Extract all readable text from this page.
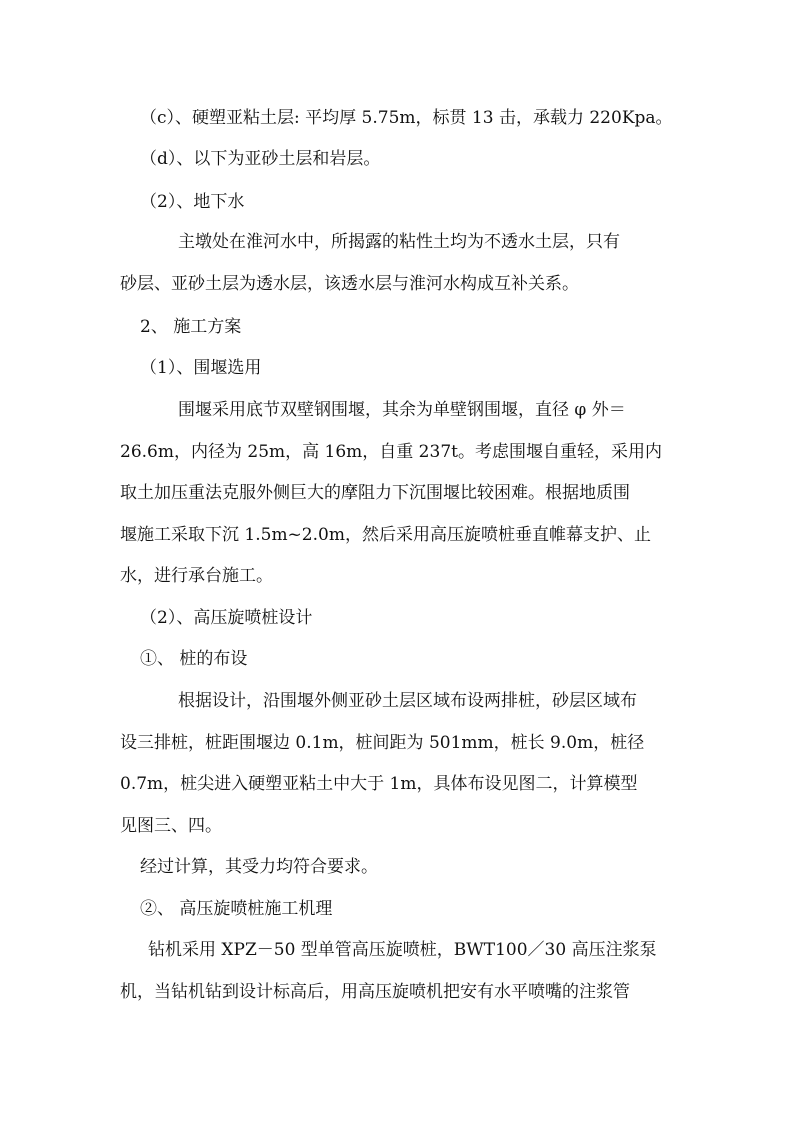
（c）、硬塑亚粘土层: 平均厚 5.75m，标贯 13 击，承载力 220Kpa。
（d）、以下为亚砂土层和岩层。
（2）、地下水
主墩处在淮河水中，所揭露的粘性土均为不透水土层，只有
砂层、亚砂土层为透水层，该透水层与淮河水构成互补关系。
2、 施工方案
（1）、围堰选用
围堰采用底节双壁钢围堰，其余为单壁钢围堰，直径 φ 外＝
26.6m，内径为 25m，高 16m，自重 237t。考虑围堰自重轻，采用内
取土加压重法克服外侧巨大的摩阻力下沉围堰比较困难。根据地质围
堰施工采取下沉 1.5m~2.0m，然后采用高压旋喷桩垂直帷幕支护、止
水，进行承台施工。
（2）、高压旋喷桩设计
①、 桩的布设
根据设计，沿围堰外侧亚砂土层区域布设两排桩，砂层区域布
设三排桩，桩距围堰边 0.1m，桩间距为 501mm，桩长 9.0m，桩径
0.7m，桩尖进入硬塑亚粘土中大于 1m，具体布设见图二，计算模型
见图三、四。
经过计算，其受力均符合要求。
②、 高压旋喷桩施工机理
钻机采用 XPZ－50 型单管高压旋喷桩，BWT100／30 高压注浆泵
机，当钻机钻到设计标高后，用高压旋喷机把安有水平喷嘴的注浆管
